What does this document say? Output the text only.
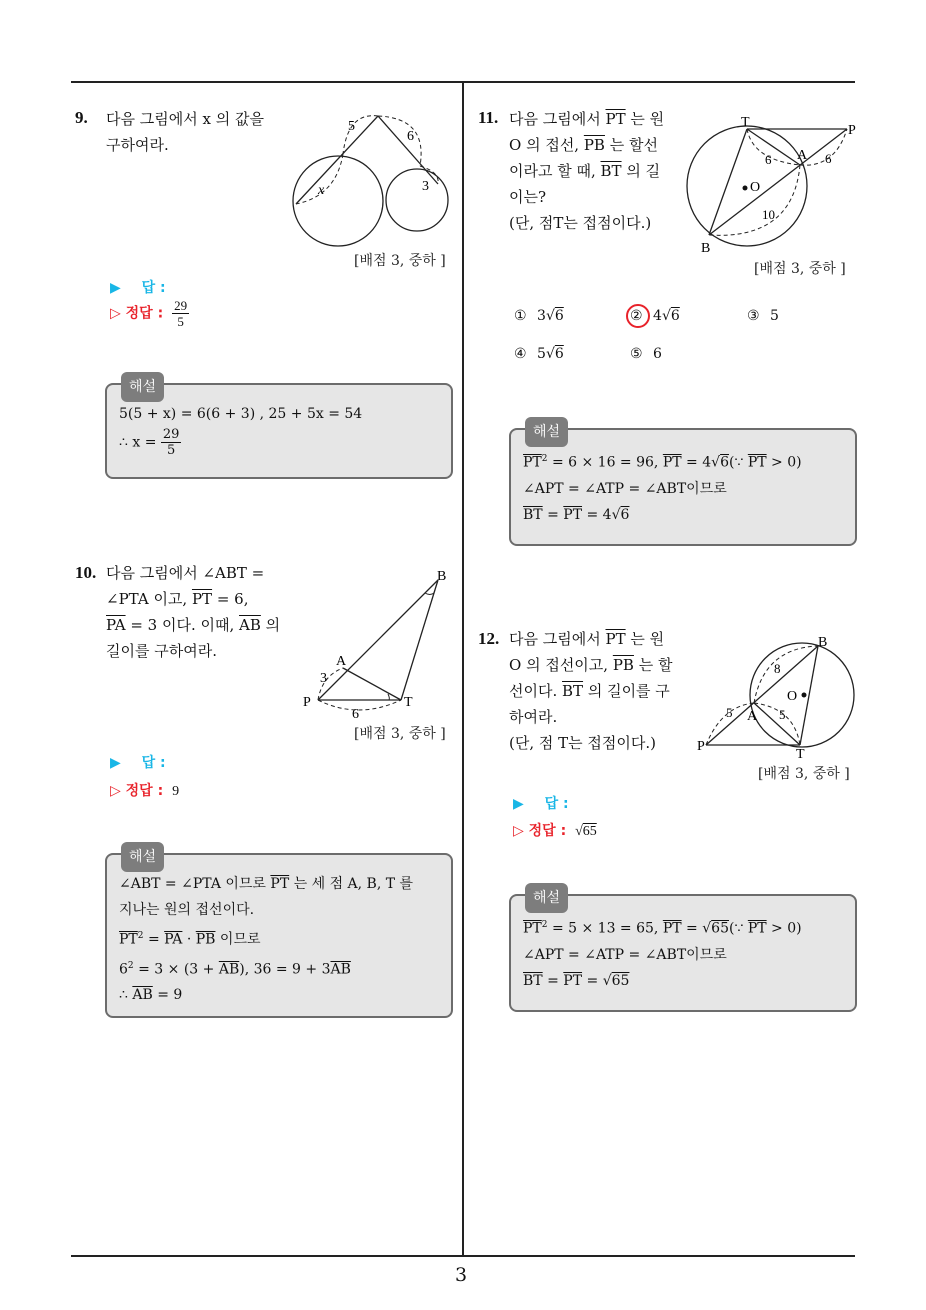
3
9. 다음 그림에서 x 의 값을
구하여라.
5
6
3
x
[배점 3, 중하 ]
▶ 답 :
▷ 정답 : $\frac{29}{5}$
해설
5(5 + x) = 6(6 + 3) , 25 + 5x = 54
∴ $x = \frac{29}{5}$
10. 다음 그림에서 ∠ABT =
∠PTA 이고, $\overline{PT} = 6$,
$\overline{PA} = 3$ 이다. 이때, $\overline{AB}$ 의
길이를 구하여라.
B
A
P	T
3
6
[배점 3, 중하 ]
▶ 답 :
▷ 정답 : 9
해설
∠ABT = ∠PTA 이므로 $\overline{PT}$ 는 세 점 A, B, T 를
지나는 원의 접선이다.
$\overline{PT}^2 = \overline{PA} \cdot \overline{PB}$ 이므로
$6^2 = 3 \times (3 + \overline{AB})$, $36 = 9 + 3\overline{AB}$
∴ $\overline{AB} = 9$
11. 다음 그림에서 $\overline{PT}$ 는 원
O 의 접선, $\overline{PB}$ 는 할선
이라고 할 때, $\overline{BT}$ 의 길
이는?
(단, 점T는 접점이다.)
T
P
A
O
B
6	6
10
[배점 3, 중하 ]
① 3√6	② 4√6	③ 5
④ 5√6	⑤ 6
해설
$\overline{PT}^2 = 6 \times 16 = 96$, $\overline{PT}$ = 4√6(∵ $\overline{PT} > 0$)
∠APT = ∠ATP = ∠ABT이므로
$\overline{BT} = \overline{PT} = 4√6$
12. 다음 그림에서 $\overline{PT}$ 는 원
O 의 접선이고, $\overline{PB}$ 는 할
선이다. $\overline{BT}$ 의 길이를 구
하여라.
(단, 점 T는 접점이다.)
B
O
A
P
T
8
5	5
[배점 3, 중하 ]
▶ 답 :
▷ 정답 : √65
해설
$\overline{PT}^2 = 5 \times 13 = 65$, $\overline{PT}$ = √65(∵ $\overline{PT} > 0$)
∠APT = ∠ATP = ∠ABT이므로
$\overline{BT} = \overline{PT} = √65$
